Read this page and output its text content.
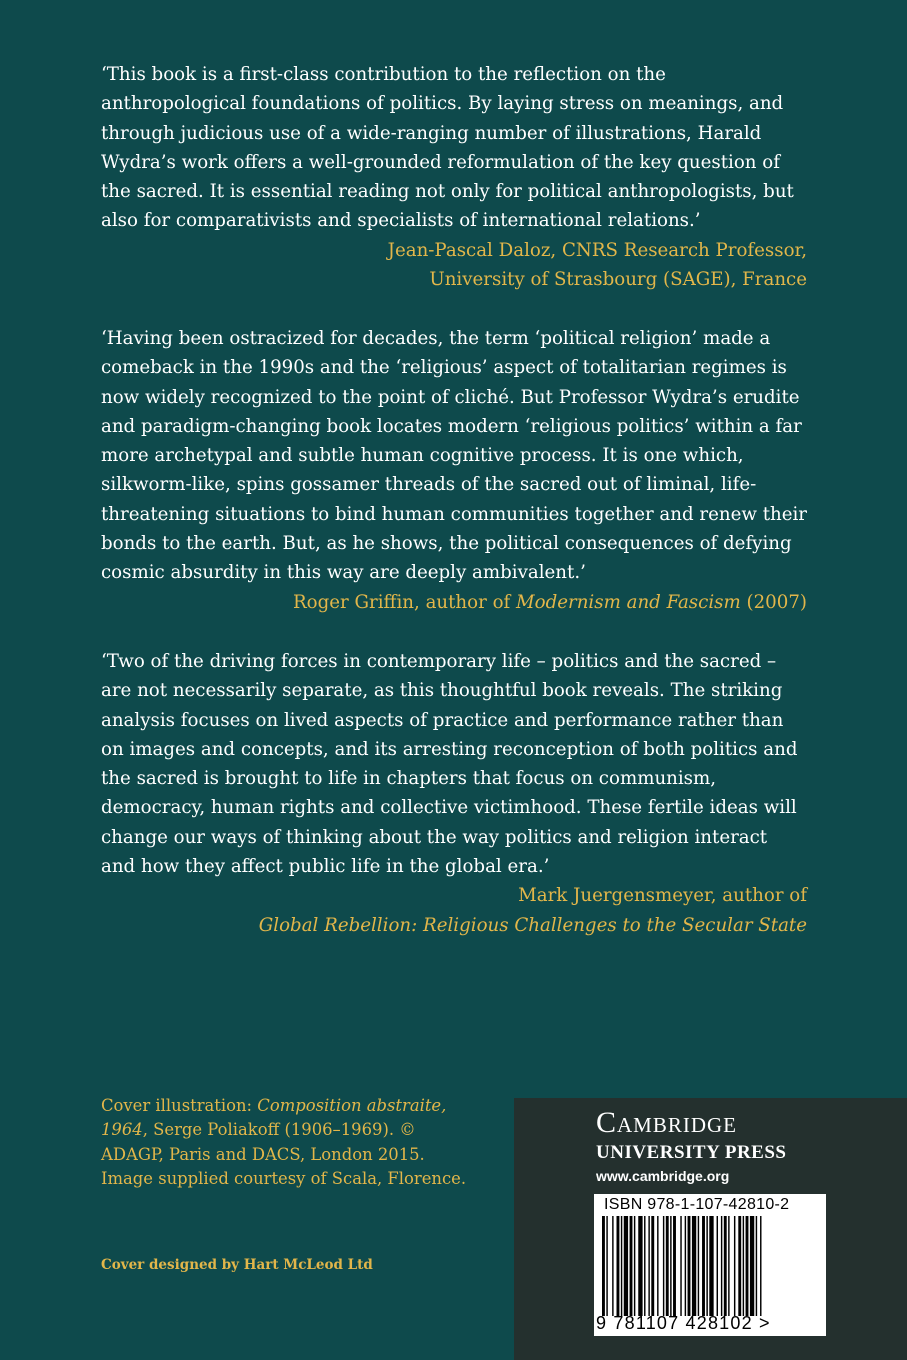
‘This book is a first-class contribution to the reflection on the anthropological foundations of politics. By laying stress on meanings, and through judicious use of a wide-ranging number of illustrations, Harald Wydra’s work offers a well-grounded reformulation of the key question of the sacred. It is essential reading not only for political anthropologists, but also for comparativists and specialists of international relations.’

Jean-Pascal Daloz, CNRS Research Professor,

University of Strasbourg (SAGE), France

‘Having been ostracized for decades, the term ‘political religion’ made a comeback in the 1990s and the ‘religious’ aspect of totalitarian regimes is now widely recognized to the point of cliché. But Professor Wydra’s erudite and paradigm-changing book locates modern ‘religious politics’ within a far more archetypal and subtle human cognitive process. It is one which, silkworm-like, spins gossamer threads of the sacred out of liminal, life-threatening situations to bind human communities together and renew their bonds to the earth. But, as he shows, the political consequences of defying cosmic absurdity in this way are deeply ambivalent.’

Roger Griffin, author of Modernism and Fascism (2007)

‘Two of the driving forces in contemporary life – politics and the sacred – are not necessarily separate, as this thoughtful book reveals. The striking analysis focuses on lived aspects of practice and performance rather than on images and concepts, and its arresting reconception of both politics and the sacred is brought to life in chapters that focus on communism, democracy, human rights and collective victimhood. These fertile ideas will change our ways of thinking about the way politics and religion interact and how they affect public life in the global era.’

Mark Juergensmeyer, author of

Global Rebellion: Religious Challenges to the Secular State

Cover illustration: Composition abstraite, 1964, Serge Poliakoff (1906–1969). © ADAGP, Paris and DACS, London 2015. Image supplied courtesy of Scala, Florence.
Cover designed by Hart McLeod Ltd
Cambridge
UNIVERSITY PRESS
www.cambridge.org
ISBN 978-1-107-42810-2
9 781107 428102 >
